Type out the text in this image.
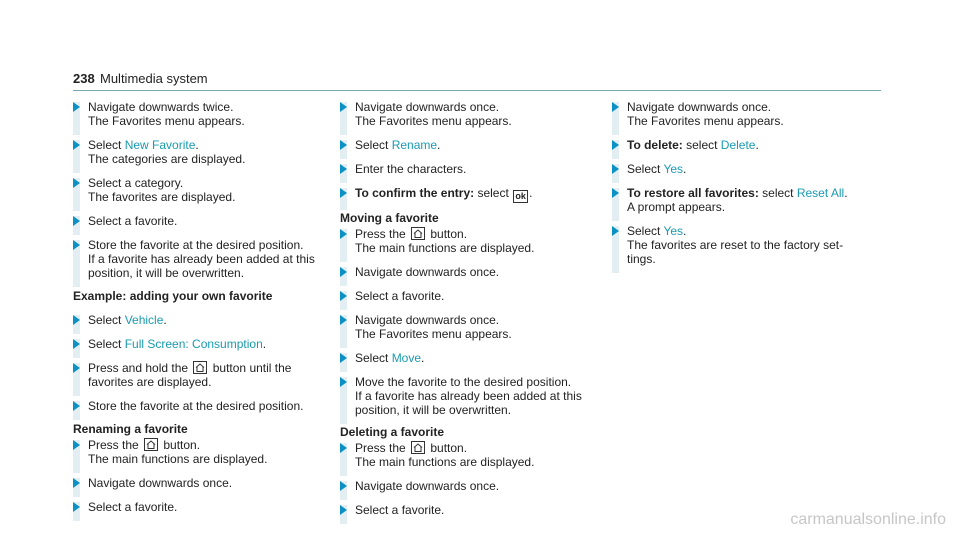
238 Multimedia system
Navigate downwards twice.
The Favorites menu appears.
Select New Favorite.
The categories are displayed.
Select a category.
The favorites are displayed.
Select a favorite.
Store the favorite at the desired position.
If a favorite has already been added at this
position, it will be overwritten.
Example: adding your own favorite
Select Vehicle.
Select Full Screen: Consumption.
Press and hold the
button until the
favorites are displayed.
Store the favorite at the desired position.
Renaming a favorite
Press the
button.
The main functions are displayed.
Navigate downwards once.
Select a favorite.
Navigate downwards once.
The Favorites menu appears.
Select Rename.
Enter the characters.
To confirm the entry: select ok .
Moving a favorite
Press the
button.
The main functions are displayed.
Navigate downwards once.
Select a favorite.
Navigate downwards once.
The Favorites menu appears.
Select Move.
Move the favorite to the desired position.
If a favorite has already been added at this
position, it will be overwritten.
Deleting a favorite
Press the
button.
The main functions are displayed.
Navigate downwards once.
Select a favorite.
Navigate downwards once.
The Favorites menu appears.
To delete: select Delete.
Select Yes.
To restore all favorites: select Reset All.
A prompt appears.
Select Yes.
The favorites are reset to the factory set-
tings.
carmanualsonline.info
